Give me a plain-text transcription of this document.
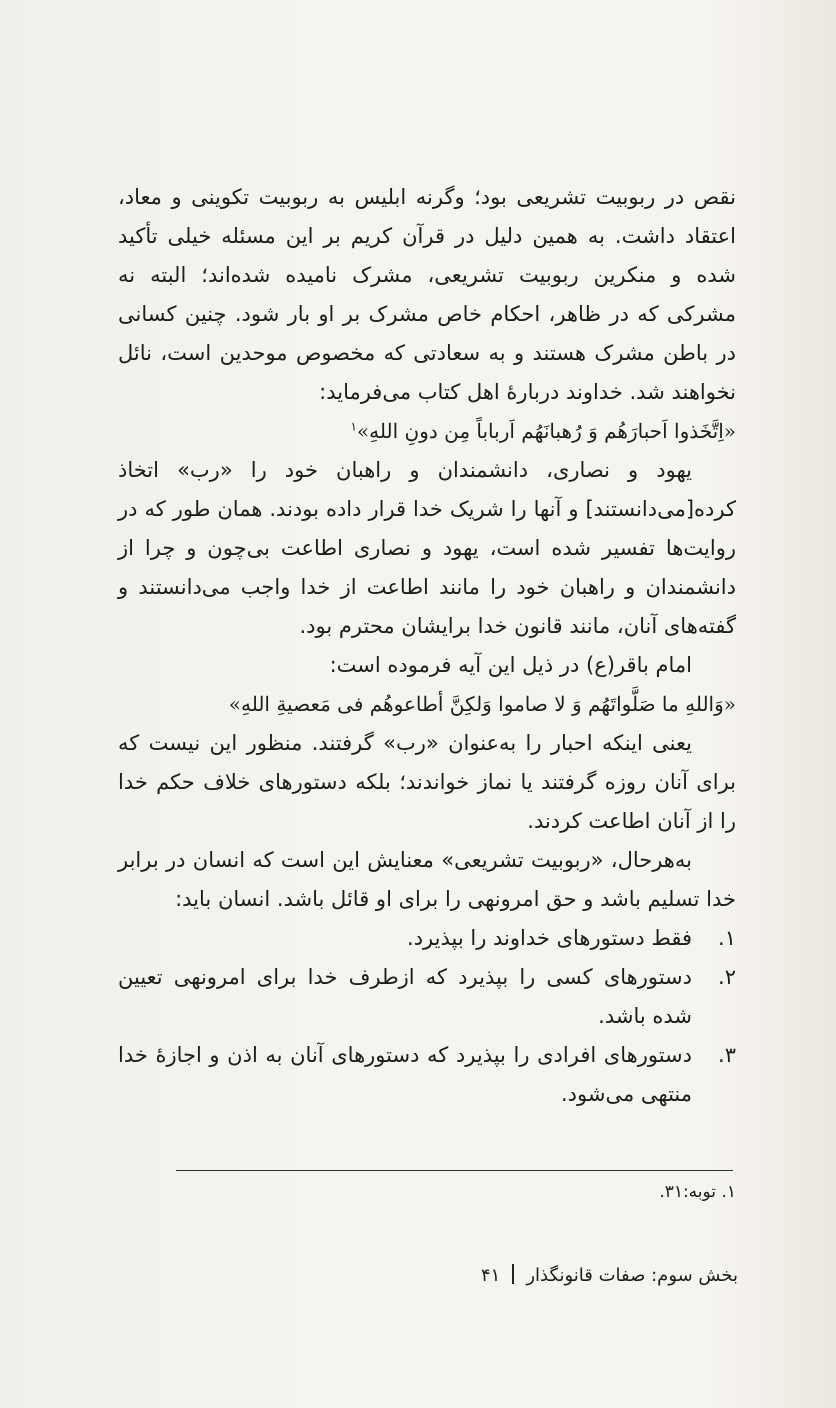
نقص در ربوبیت تشریعی بود؛ وگرنه ابلیس به ربوبیت تکوینی و معاد، اعتقاد داشت. به همین دلیل در قرآن کریم بر این مسئله خیلی تأکید شده و منکرین ربوبیت تشریعی، مشرک نامیده شده‌اند؛ البته نه مشرکی که در ظاهر، احکام خاص مشرک بر او بار شود. چنین کسانی در باطن مشرک هستند و به سعادتی که مخصوص موحدین است، نائل نخواهند شد. خداوند دربارهٔ اهل کتاب می‌فرماید:

«اِتَّخَذوا اَحبارَهُم وَ رُهبانَهُم اَرباباً مِن دونِ اللهِ»$^۱$

یهود و نصاری، دانشمندان و راهبان خود را «رب» اتخاذ کرده[می‌دانستند] و آنها را شریک خدا قرار داده بودند. همان طور که در روایت‌ها تفسیر شده است، یهود و نصاری اطاعت بی‌چون و چرا از دانشمندان و راهبان خود را مانند اطاعت از خدا واجب می‌دانستند و گفته‌های آنان، مانند قانون خدا برایشان محترم بود.

امام باقر(ع) در ذیل این آیه فرموده است:

«وَاللهِ ما صَلَّواتَهُم وَ لا صاموا وَلکِنَّ أطاعوهُم فی مَعصیةِ اللهِ»

یعنی اینکه احبار را به‌عنوان «رب» گرفتند. منظور این نیست که برای آنان روزه گرفتند یا نماز خواندند؛ بلکه دستورهای خلاف حکم خدا را از آنان اطاعت کردند.

به‌هرحال، «ربوبیت تشریعی» معنایش این است که انسان در برابر خدا تسلیم باشد و حق امرونهی را برای او قائل باشد. انسان باید:

۱.فقط دستورهای خداوند را بپذیرد.

۲.دستورهای کسی را بپذیرد که ازطرف خدا برای امرونهی تعیین شده باشد.

۳.دستورهای افرادی را بپذیرد که دستورهای آنان به اذن و اجازهٔ خدا منتهی می‌شود.

۱. توبه:۳۱.
بخش سوم: صفات قانونگذار۴۱
